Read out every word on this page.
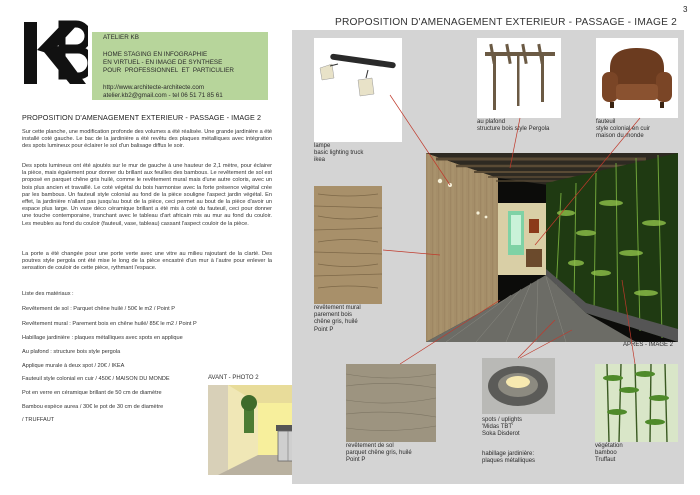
3
ATELIER KB
HOME STAGING EN INFOGRAPHIE
EN VIRTUEL - EN IMAGE DE SYNTHESE
POUR  PROFESSIONNEL  ET  PARTICULIER
http://www.architecte-architecte.com
atelier.kb2@gmail.com - tel 06 51 71 85 61
PROPOSITION D'AMENAGEMENT EXTERIEUR - PASSAGE - IMAGE 2
Sur cette planche, une modification profonde des volumes a été réalisée. Une grande jardinière a été installé coté gauche. Le bac de la jardinière a été revêtu des plaques métalliques avec intégration des spots lumineux pour éclairer le sol d'un balisage diffus le soir.
Des spots lumineux ont été ajoutés sur le mur de gauche à une hauteur de 2,1 mètre, pour éclairer la pièce, mais également pour donner du brillant aux feuilles des bambous. Le revêtement de sol est proposé en parquet chêne gris huilé, comme le revêtement mural mais d'une autre coloris, avec un bois plus ancien et travaillé. Le coté végétal du bois harmonise avec la forte présence végétal crée par les bambous. Un fauteuil style colonial au fond de la pièce souligne l'aspect jardin végétal. En effet, la jardinière n'allant pas jusqu'au bout de la pièce, ceci permet au bout de la pièce d'avoir un espace plus large. Un vase déco céramique brillant a été mis à coté du fauteuil, ceci pour donner une touche contemporaine, tranchant avec le tableau d'art africain mis au mur au fond du couloir. Les meubles au fond du couloir (fauteuil, vase, tableau) cassant l'aspect couloir de la pièce.
La porte a été changée pour une porte verte avec une vitre au milieu rajoutant de la clarté. Des poutres style pergola ont été mise le long de la pièce encastré d'un mur à l'autre pour enlever la sensation de couloir de cette pièce, rythmant l'espace.
Liste des matériaux :
Revêtement de sol : Parquet chêne huilé / 50€ le m2 / Point P
Revêtement mural : Parement bois en chêne huilé/ 85€ le m2 / Point P
Habillage jardinière : plaques métalliques avec spots en applique
Au plafond : structure bois style pergola
Applique murale à deux spot / 20€ / IKEA
Fauteuil style colonial en cuir / 450€ / MAISON DU MONDE
Pot en verre en céramique brillant de 50 cm de diamètre
Bambou espèce aurea / 30€ le pot de 30 cm de diamètre
/ TRUFFAUT
AVANT - PHOTO 2
PROPOSITION D'AMENAGEMENT EXTERIEUR - PASSAGE - IMAGE 2
APRES - IMAGE 2
lampe
basic lighting truck
ikea
au plafond
structure bois style Pergola
fauteuil
style colonial en cuir
maison du monde
revêtement mural
parement bois
chêne gris, huilé
Point P
revêtement de sol
parquet chêne gris, huilé
Point P
spots / uplights
'Midas TBT'
Soka Disderot
habillage jardinière:
plaques métalliques
végétation
bamboo
Truffaut
